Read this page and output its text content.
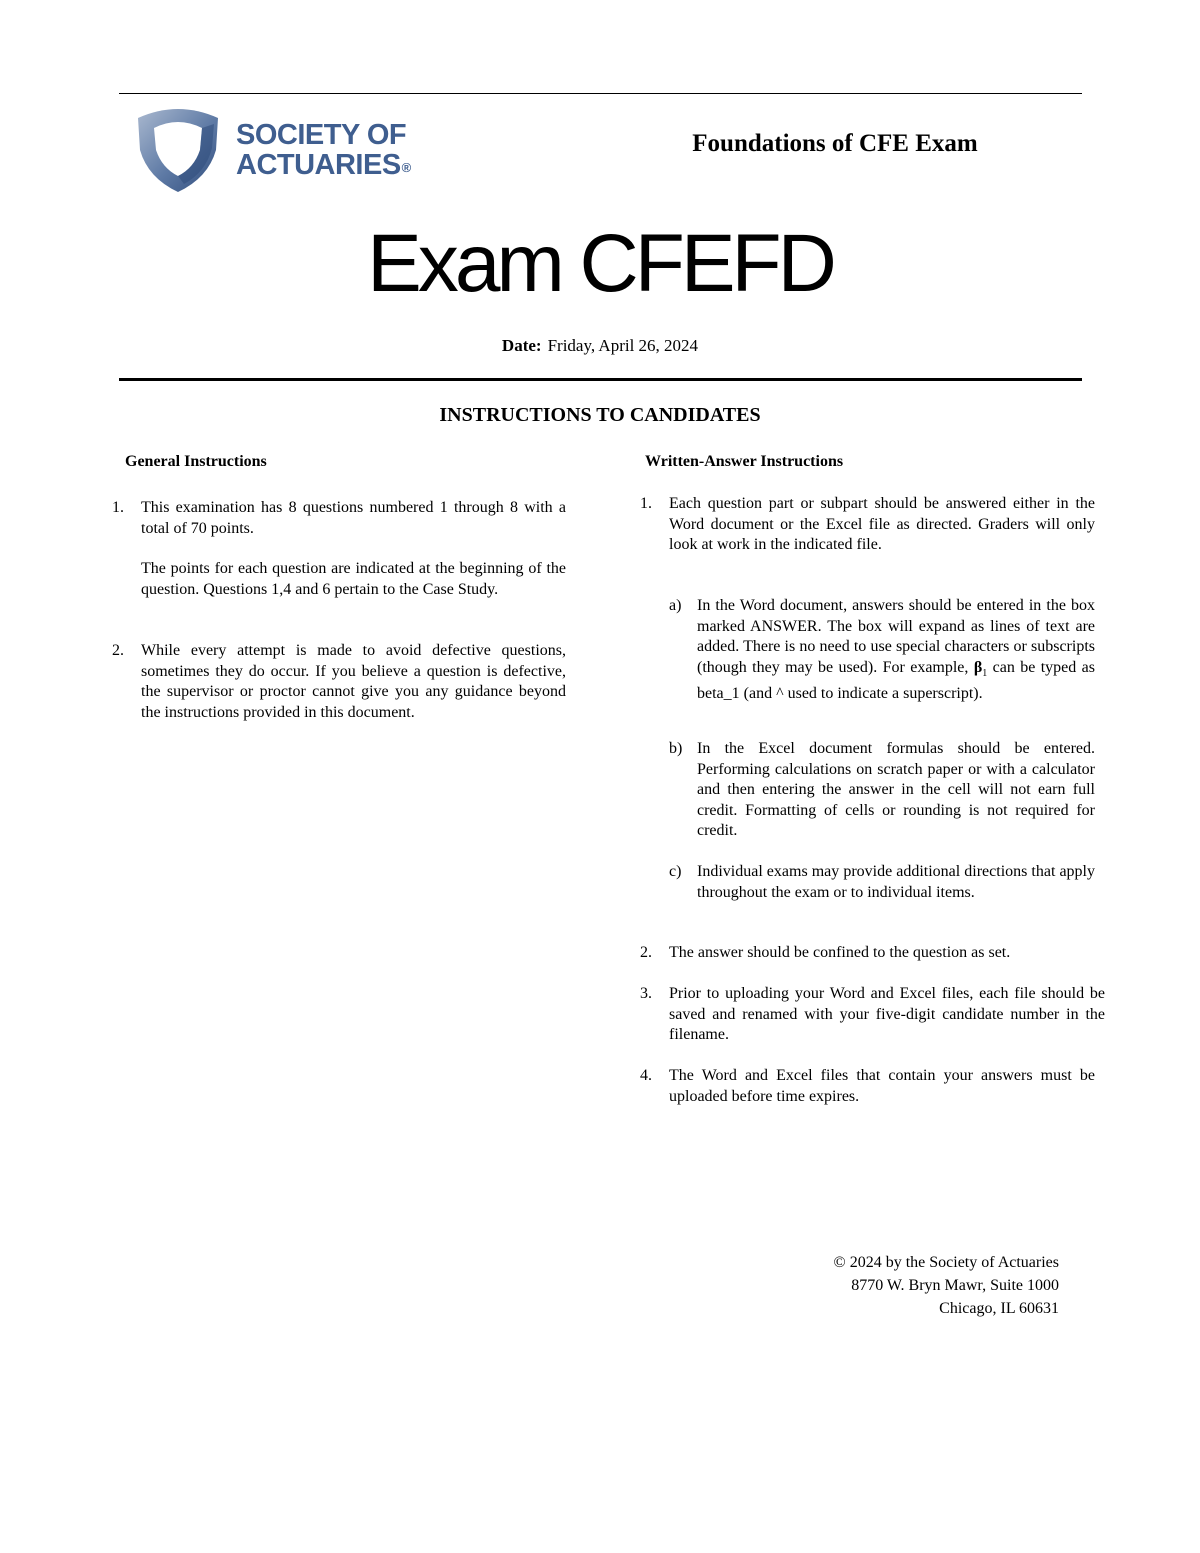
SOCIETY OF
ACTUARIES®
Foundations of CFE Exam
Exam CFEFD
Date: Friday, April 26, 2024
INSTRUCTIONS TO CANDIDATES
General Instructions
1. This examination has 8 questions numbered 1 through 8 with a total of 70 points.

The points for each question are indicated at the beginning of the question. Questions 1,4 and 6 pertain to the Case Study.

2. While every attempt is made to avoid defective questions, sometimes they do occur. If you believe a question is defective, the supervisor or proctor cannot give you any guidance beyond the instructions provided in this document.

Written-Answer Instructions
1. Each question part or subpart should be answered either in the Word document or the Excel file as directed. Graders will only look at work in the indicated file.
a) In the Word document, answers should be entered in the box marked ANSWER. The box will expand as lines of text are added. There is no need to use special characters or subscripts (though they may be used). For example, $\beta_1$ can be typed as beta_1 (and ^ used to indicate a superscript).
b) In the Excel document formulas should be entered. Performing calculations on scratch paper or with a calculator and then entering the answer in the cell will not earn full credit. Formatting of cells or rounding is not required for credit.
c) Individual exams may provide additional directions that apply throughout the exam or to individual items.
2. The answer should be confined to the question as set.
3. Prior to uploading your Word and Excel files, each file should be saved and renamed with your five-digit candidate number in the filename.
4. The Word and Excel files that contain your answers must be uploaded before time expires.
© 2024 by the Society of Actuaries
8770 W. Bryn Mawr, Suite 1000
Chicago, IL 60631
